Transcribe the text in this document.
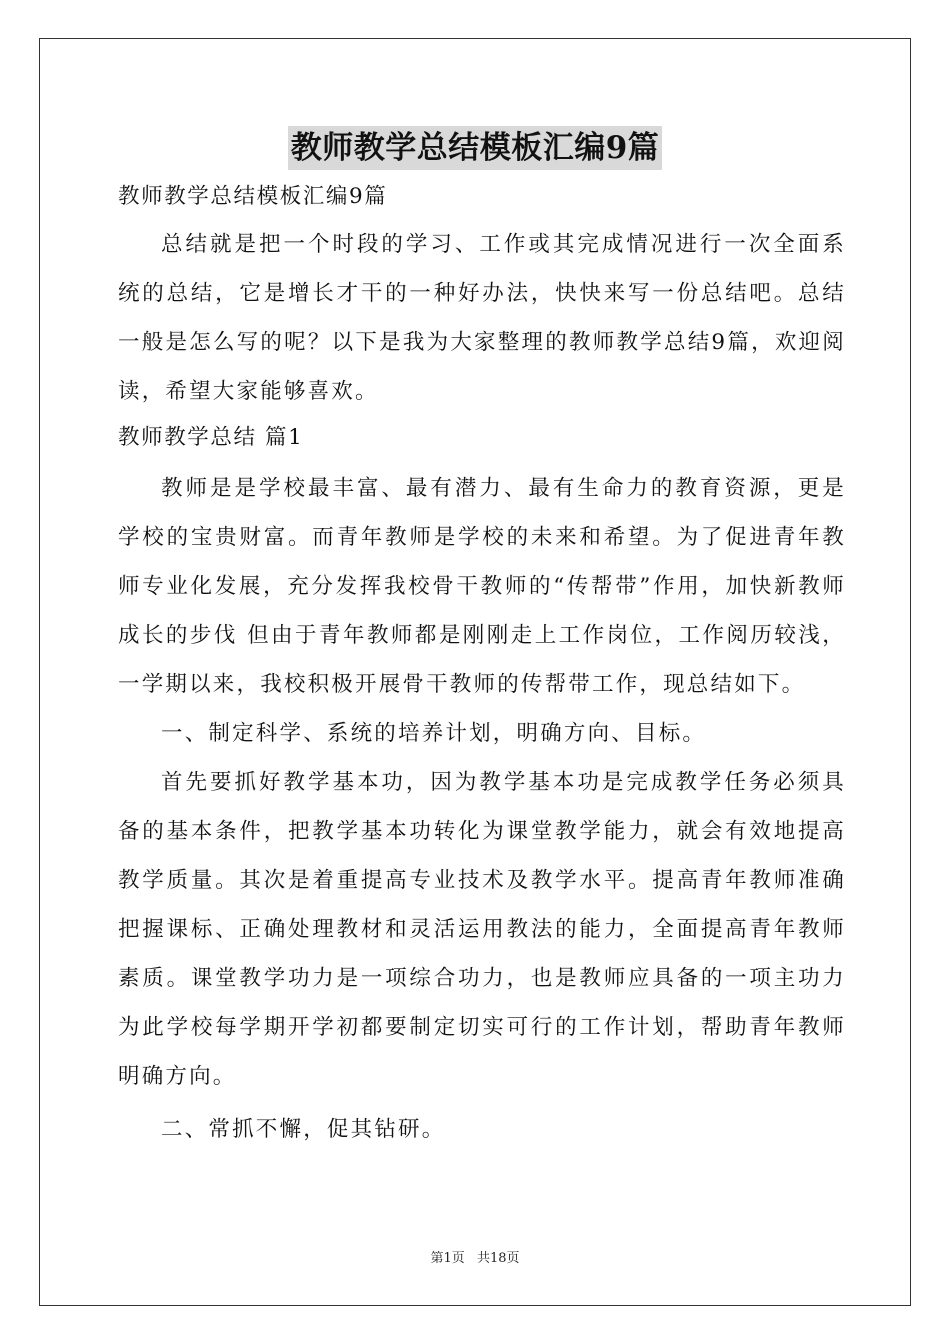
教师教学总结模板汇编9篇
教师教学总结模板汇编9篇

总结就是把一个时段的学习、工作或其完成情况进行一次全面系统的总结，它是增长才干的一种好办法，快快来写一份总结吧。总结一般是怎么写的呢？以下是我为大家整理的教师教学总结9篇，欢迎阅读，希望大家能够喜欢。

教师教学总结 篇1

教师是是学校最丰富、最有潜力、最有生命力的教育资源，更是学校的宝贵财富。而青年教师是学校的未来和希望。为了促进青年教师专业化发展，充分发挥我校骨干教师的“传帮带”作用，加快新教师成长的步伐 但由于青年教师都是刚刚走上工作岗位，工作阅历较浅，一学期以来，我校积极开展骨干教师的传帮带工作，现总结如下。

一、制定科学、系统的培养计划，明确方向、目标。

首先要抓好教学基本功，因为教学基本功是完成教学任务必须具备的基本条件，把教学基本功转化为课堂教学能力，就会有效地提高教学质量。其次是着重提高专业技术及教学水平。提高青年教师准确把握课标、正确处理教材和灵活运用教法的能力，全面提高青年教师素质。课堂教学功力是一项综合功力，也是教师应具备的一项主功力为此学校每学期开学初都要制定切实可行的工作计划，帮助青年教师明确方向。

二、常抓不懈，促其钻研。

第1页 共18页
